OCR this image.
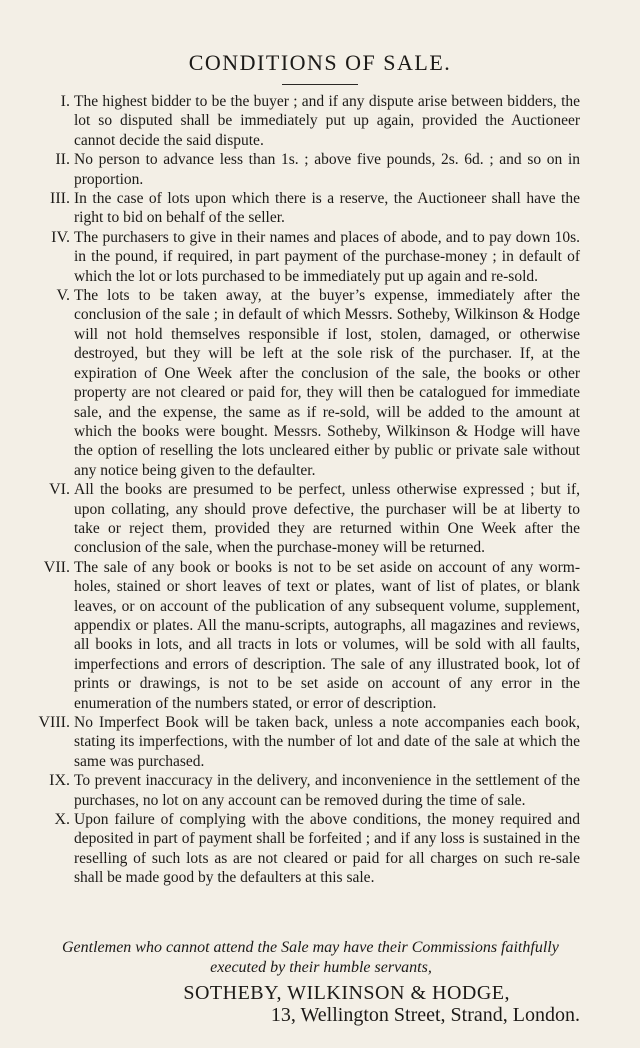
CONDITIONS OF SALE.

I. The highest bidder to be the buyer ; and if any dispute arise between bidders, the lot so disputed shall be immediately put up again, provided the Auctioneer cannot decide the said dispute.

II. No person to advance less than 1s. ; above five pounds, 2s. 6d. ; and so on in proportion.

III. In the case of lots upon which there is a reserve, the Auctioneer shall have the right to bid on behalf of the seller.

IV. The purchasers to give in their names and places of abode, and to pay down 10s. in the pound, if required, in part payment of the purchase-money ; in default of which the lot or lots purchased to be immediately put up again and re-sold.

V. The lots to be taken away, at the buyer’s expense, immediately after the conclusion of the sale ; in default of which Messrs. Sotheby, Wilkinson & Hodge will not hold themselves responsible if lost, stolen, damaged, or otherwise destroyed, but they will be left at the sole risk of the purchaser. If, at the expiration of One Week after the conclusion of the sale, the books or other property are not cleared or paid for, they will then be catalogued for immediate sale, and the expense, the same as if re-sold, will be added to the amount at which the books were bought. Messrs. Sotheby, Wilkinson & Hodge will have the option of reselling the lots uncleared either by public or private sale without any notice being given to the defaulter.

VI. All the books are presumed to be perfect, unless otherwise expressed ; but if, upon collating, any should prove defective, the purchaser will be at liberty to take or reject them, provided they are returned within One Week after the conclusion of the sale, when the purchase-money will be returned.

VII. The sale of any book or books is not to be set aside on account of any worm-holes, stained or short leaves of text or plates, want of list of plates, or blank leaves, or on account of the publication of any subsequent volume, supplement, appendix or plates. All the manu-scripts, autographs, all magazines and reviews, all books in lots, and all tracts in lots or volumes, will be sold with all faults, imperfections and errors of description. The sale of any illustrated book, lot of prints or drawings, is not to be set aside on account of any error in the enumeration of the numbers stated, or error of description.

VIII. No Imperfect Book will be taken back, unless a note accompanies each book, stating its imperfections, with the number of lot and date of the sale at which the same was purchased.

IX. To prevent inaccuracy in the delivery, and inconvenience in the settlement of the purchases, no lot on any account can be removed during the time of sale.

X. Upon failure of complying with the above conditions, the money required and deposited in part of payment shall be forfeited ; and if any loss is sustained in the reselling of such lots as are not cleared or paid for all charges on such re-sale shall be made good by the defaulters at this sale.

Gentlemen who cannot attend the Sale may have their Commissions faithfully
executed by their humble servants,
SOTHEBY, WILKINSON & HODGE,
13, Wellington Street, Strand, London.
